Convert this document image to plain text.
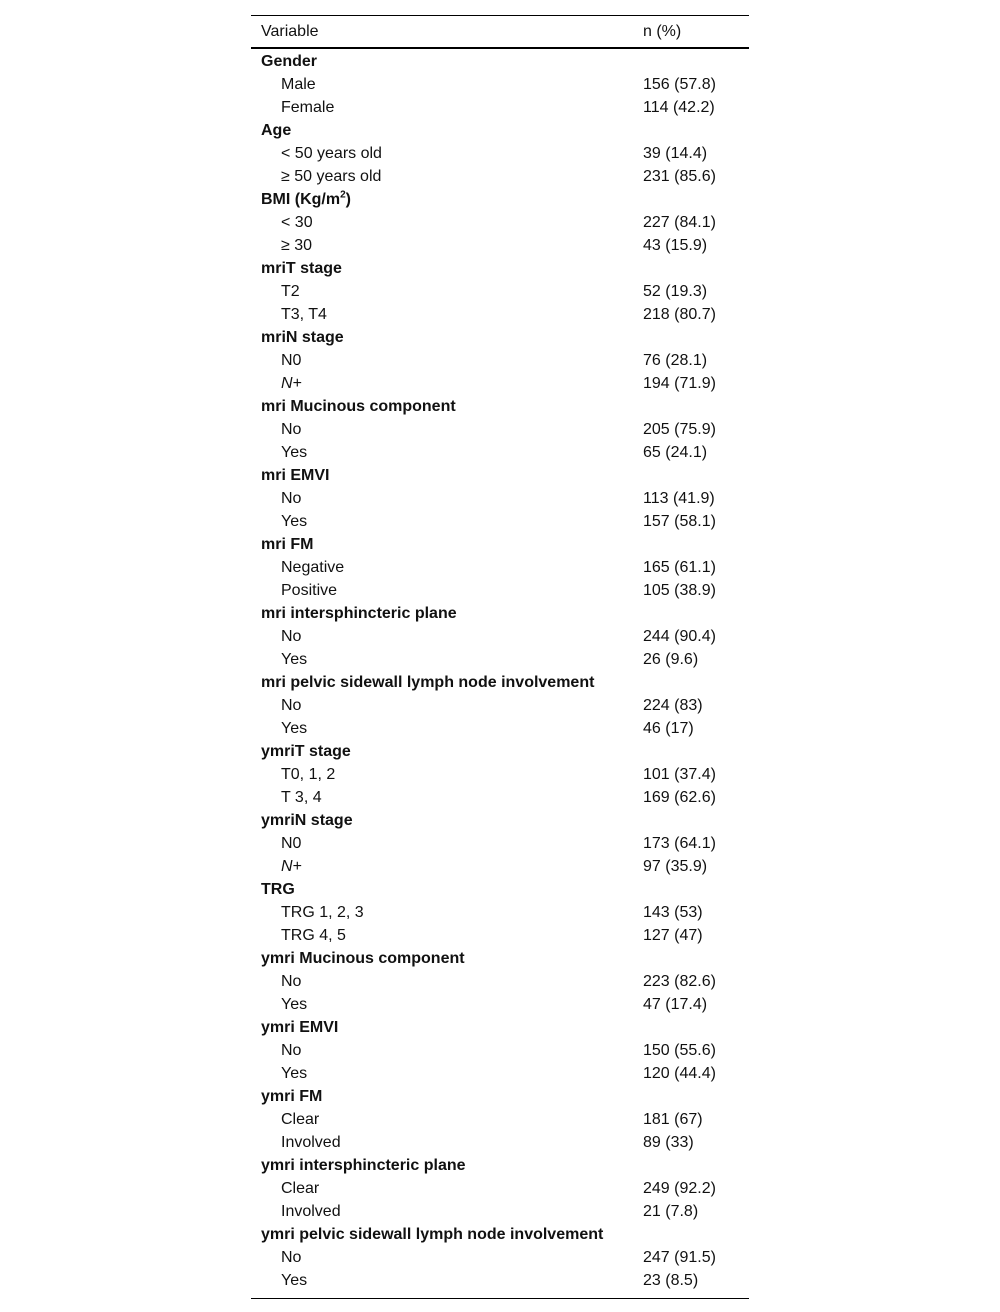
Variable	n (%)
Gender
Male	156 (57.8)
Female	114 (42.2)
Age
< 50 years old	39 (14.4)
≥ 50 years old	231 (85.6)
BMI $(Kg/m^2)$
< 30	227 (84.1)
≥ 30	43 (15.9)
mriT stage
T2	52 (19.3)
T3, T4	218 (80.7)
mriN stage
N0	76 (28.1)
N+	194 (71.9)
mri Mucinous component
No	205 (75.9)
Yes	65 (24.1)
mri EMVI
No	113 (41.9)
Yes	157 (58.1)
mri FM
Negative	165 (61.1)
Positive	105 (38.9)
mri intersphincteric plane
No	244 (90.4)
Yes	26 (9.6)
mri pelvic sidewall lymph node involvement
No	224 (83)
Yes	46 (17)
ymriT stage
T0, 1, 2	101 (37.4)
T 3, 4	169 (62.6)
ymriN stage
N0	173 (64.1)
N+	97 (35.9)
TRG
TRG 1, 2, 3	143 (53)
TRG 4, 5	127 (47)
ymri Mucinous component
No	223 (82.6)
Yes	47 (17.4)
ymri EMVI
No	150 (55.6)
Yes	120 (44.4)
ymri FM
Clear	181 (67)
Involved	89 (33)
ymri intersphincteric plane
Clear	249 (92.2)
Involved	21 (7.8)
ymri pelvic sidewall lymph node involvement
No	247 (91.5)
Yes	23 (8.5)
